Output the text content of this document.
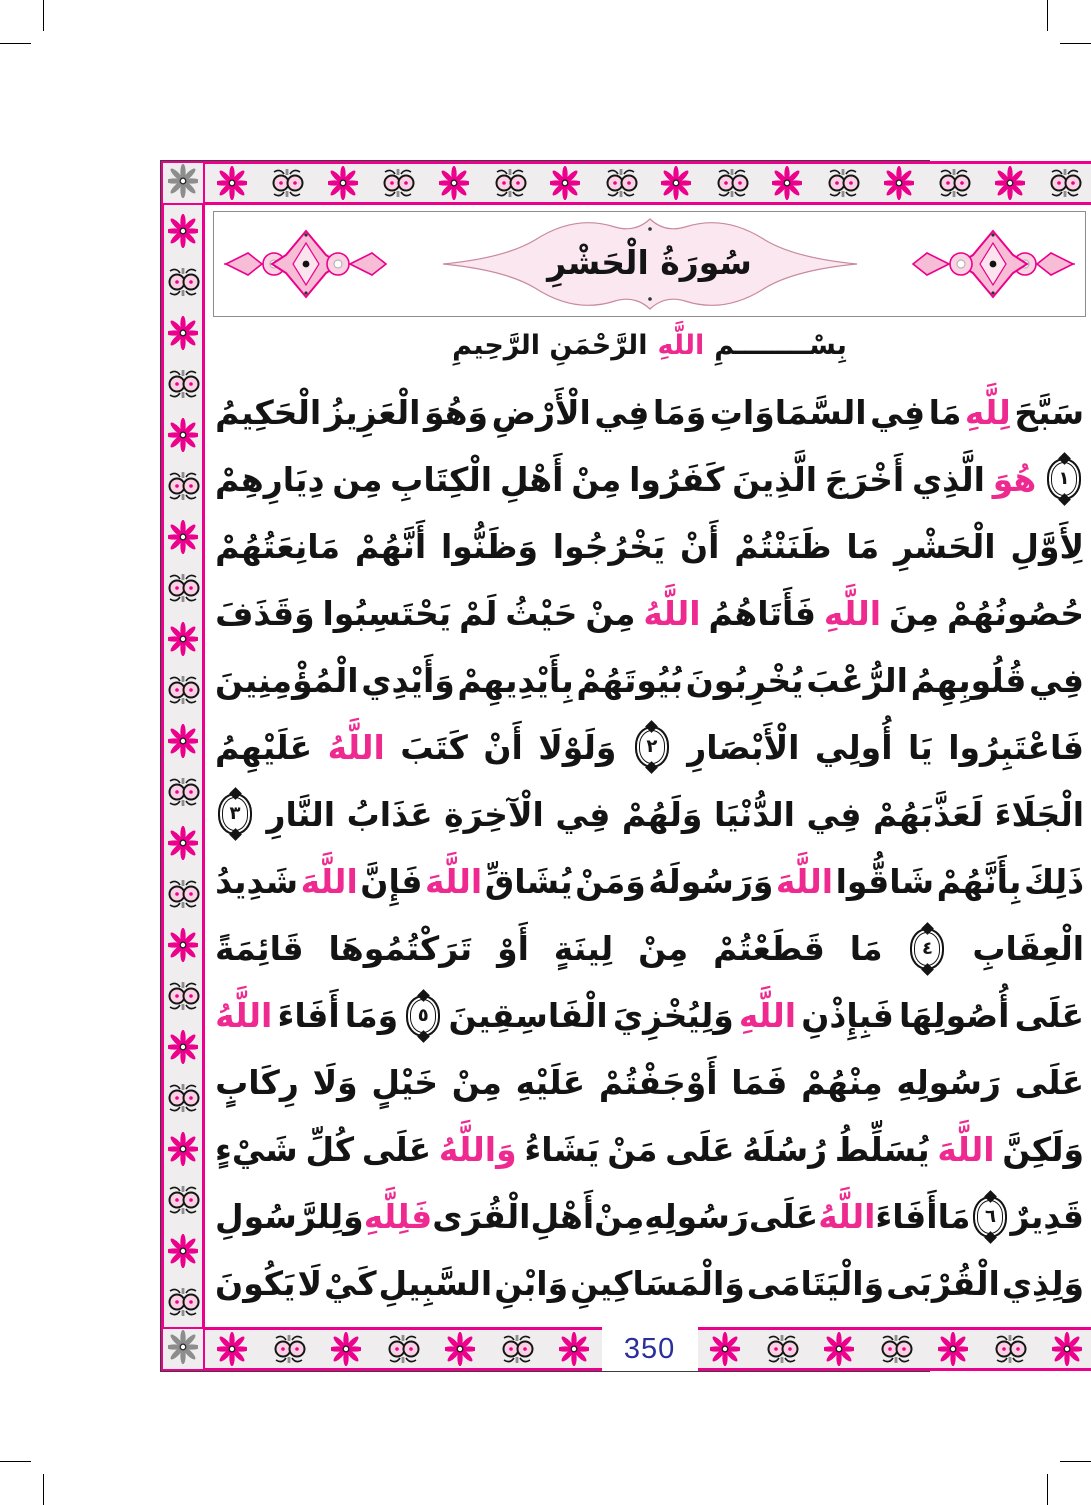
سُورَةُ الْحَشْرِ
بِسْــــــــمِ
اللَّهِ
الرَّحْمَنِ الرَّحِيمِ
سَبَّحَ
لِلَّهِ
مَا
فِي
السَّمَاوَاتِ
وَمَا
فِي
الْأَرْضِ
وَهُوَ
الْعَزِيزُ
الْحَكِيمُ
١
هُوَ
الَّذِي
أَخْرَجَ
الَّذِينَ
كَفَرُوا
مِنْ
أَهْلِ
الْكِتَابِ
مِن
دِيَارِهِمْ
لِأَوَّلِ
الْحَشْرِ
مَا
ظَنَنْتُمْ
أَنْ
يَخْرُجُوا
وَظَنُّوا
أَنَّهُمْ
مَانِعَتُهُمْ
حُصُونُهُمْ
مِنَ
اللَّهِ
فَأَتَاهُمُ
اللَّهُ
مِنْ
حَيْثُ
لَمْ
يَحْتَسِبُوا
وَقَذَفَ
فِي
قُلُوبِهِمُ
الرُّعْبَ
يُخْرِبُونَ
بُيُوتَهُمْ
بِأَيْدِيهِمْ
وَأَيْدِي
الْمُؤْمِنِينَ
فَاعْتَبِرُوا
يَا
أُولِي
الْأَبْصَارِ
٢
وَلَوْلَا
أَنْ
كَتَبَ
اللَّهُ
عَلَيْهِمُ
الْجَلَاءَ
لَعَذَّبَهُمْ
فِي
الدُّنْيَا
وَلَهُمْ
فِي
الْآخِرَةِ
عَذَابُ
النَّارِ
٣
ذَلِكَ
بِأَنَّهُمْ
شَاقُّوا
اللَّهَ
وَرَسُولَهُ
وَمَنْ
يُشَاقِّ
اللَّهَ
فَإِنَّ
اللَّهَ
شَدِيدُ
الْعِقَابِ
٤
مَا
قَطَعْتُمْ
مِنْ
لِينَةٍ
أَوْ
تَرَكْتُمُوهَا
قَائِمَةً
عَلَى
أُصُولِهَا
فَبِإِذْنِ
اللَّهِ
وَلِيُخْزِيَ
الْفَاسِقِينَ
٥
وَمَا
أَفَاءَ
اللَّهُ
عَلَى
رَسُولِهِ
مِنْهُمْ
فَمَا
أَوْجَفْتُمْ
عَلَيْهِ
مِنْ
خَيْلٍ
وَلَا
رِكَابٍ
وَلَكِنَّ
اللَّهَ
يُسَلِّطُ
رُسُلَهُ
عَلَى
مَنْ
يَشَاءُ
وَاللَّهُ
عَلَى
كُلِّ
شَيْءٍ
قَدِيرٌ
٦
مَا
أَفَاءَ
اللَّهُ
عَلَى
رَسُولِهِ
مِنْ
أَهْلِ
الْقُرَى
فَلِلَّهِ
وَلِلرَّسُولِ
وَلِذِي
الْقُرْبَى
وَالْيَتَامَى
وَالْمَسَاكِينِ
وَابْنِ
السَّبِيلِ
كَيْ
لَا
يَكُونَ
350
